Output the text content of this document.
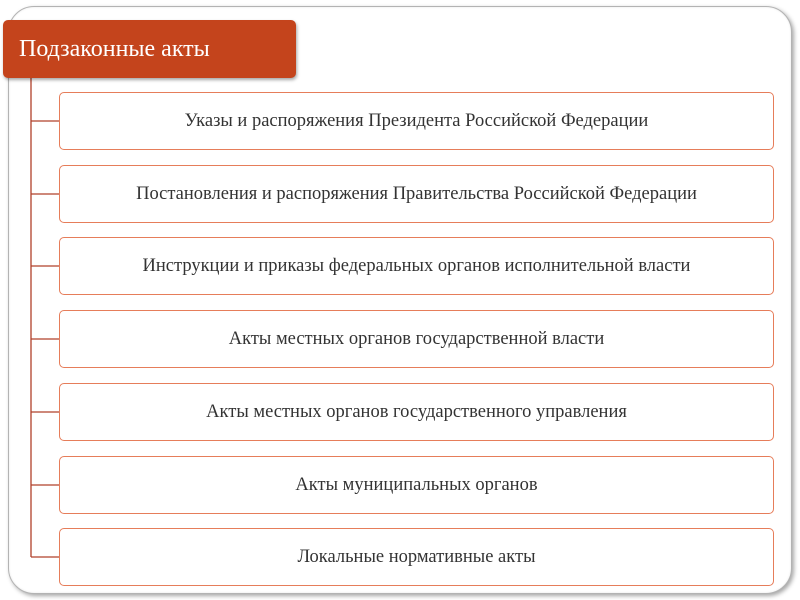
Подзаконные акты
Указы и распоряжения Президента Российской Федерации
Постановления и распоряжения Правительства Российской Федерации
Инструкции и приказы федеральных органов исполнительной власти
Акты местных органов государственной власти
Акты местных органов государственного управления
Акты муниципальных органов
Локальные нормативные акты
